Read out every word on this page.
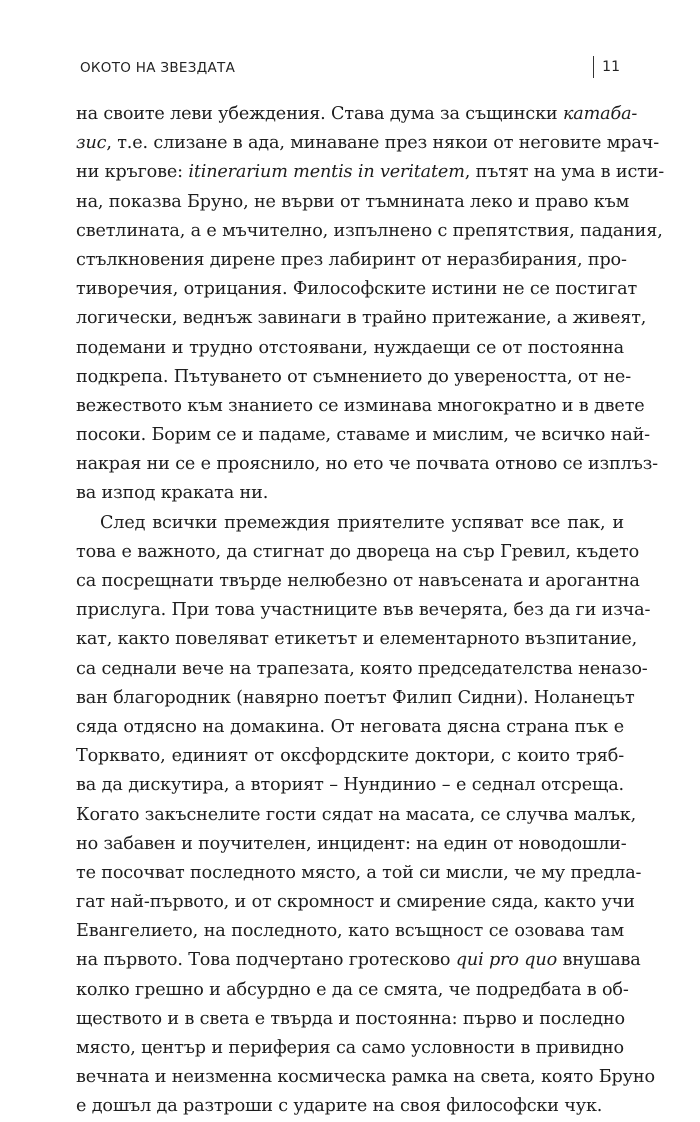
ОКОТО НА ЗВЕЗДАТА	11
на своите леви убеждения. Става дума за същински катаба-
зис, т.е. слизане в ада, минаване през някои от неговите мрач-
ни кръгове: itinerarium mentis in veritatem, пътят на ума в исти-
на, показва Бруно, не върви от тъмнината леко и право към
светлината, а е мъчително, изпълнено с препятствия, падания,
стълкновения дирене през лабиринт от неразбирания, про-
тиворечия, отрицания. Философските истини не се постигат
логически, веднъж завинаги в трайно притежание, а живеят,
подемани и трудно отстоявани, нуждаещи се от постоянна
подкрепа. Пътуването от съмнението до увереността, от не-
вежеството към знанието се изминава многократно и в двете
посоки. Борим се и падаме, ставаме и мислим, че всичко най-
накрая ни се е прояснило, но ето че почвата отново се изплъз-
ва изпод краката ни.
След всички премеждия приятелите успяват все пак, и
това е важното, да стигнат до двореца на сър Гревил, където
са посрещнати твърде нелюбезно от навъсената и арогантна
прислуга. При това участниците във вечерята, без да ги изча-
кат, както повеляват етикетът и елементарното възпитание,
са седнали вече на трапезата, която председателства неназо-
ван благородник (навярно поетът Филип Сидни). Ноланецът
сяда отдясно на домакина. От неговата дясна страна пък е
Торквато, единият от оксфордските доктори, с които тряб-
ва да дискутира, а вторият – Нундинио – е седнал отсреща.
Когато закъснелите гости сядат на масата, се случва малък,
но забавен и поучителен, инцидент: на един от новодошли-
те посочват последното място, а той си мисли, че му предла-
гат най-първото, и от скромност и смирение сяда, както учи
Евангелието, на последното, като всъщност се озовава там
на първото. Това подчертано гротесково qui pro quo внушава
колко грешно и абсурдно е да се смята, че подредбата в об-
ществото и в света е твърда и постоянна: първо и последно
място, център и периферия са само условности в привидно
вечната и неизменна космическа рамка на света, която Бруно
е дошъл да разтроши с ударите на своя философски чук.
